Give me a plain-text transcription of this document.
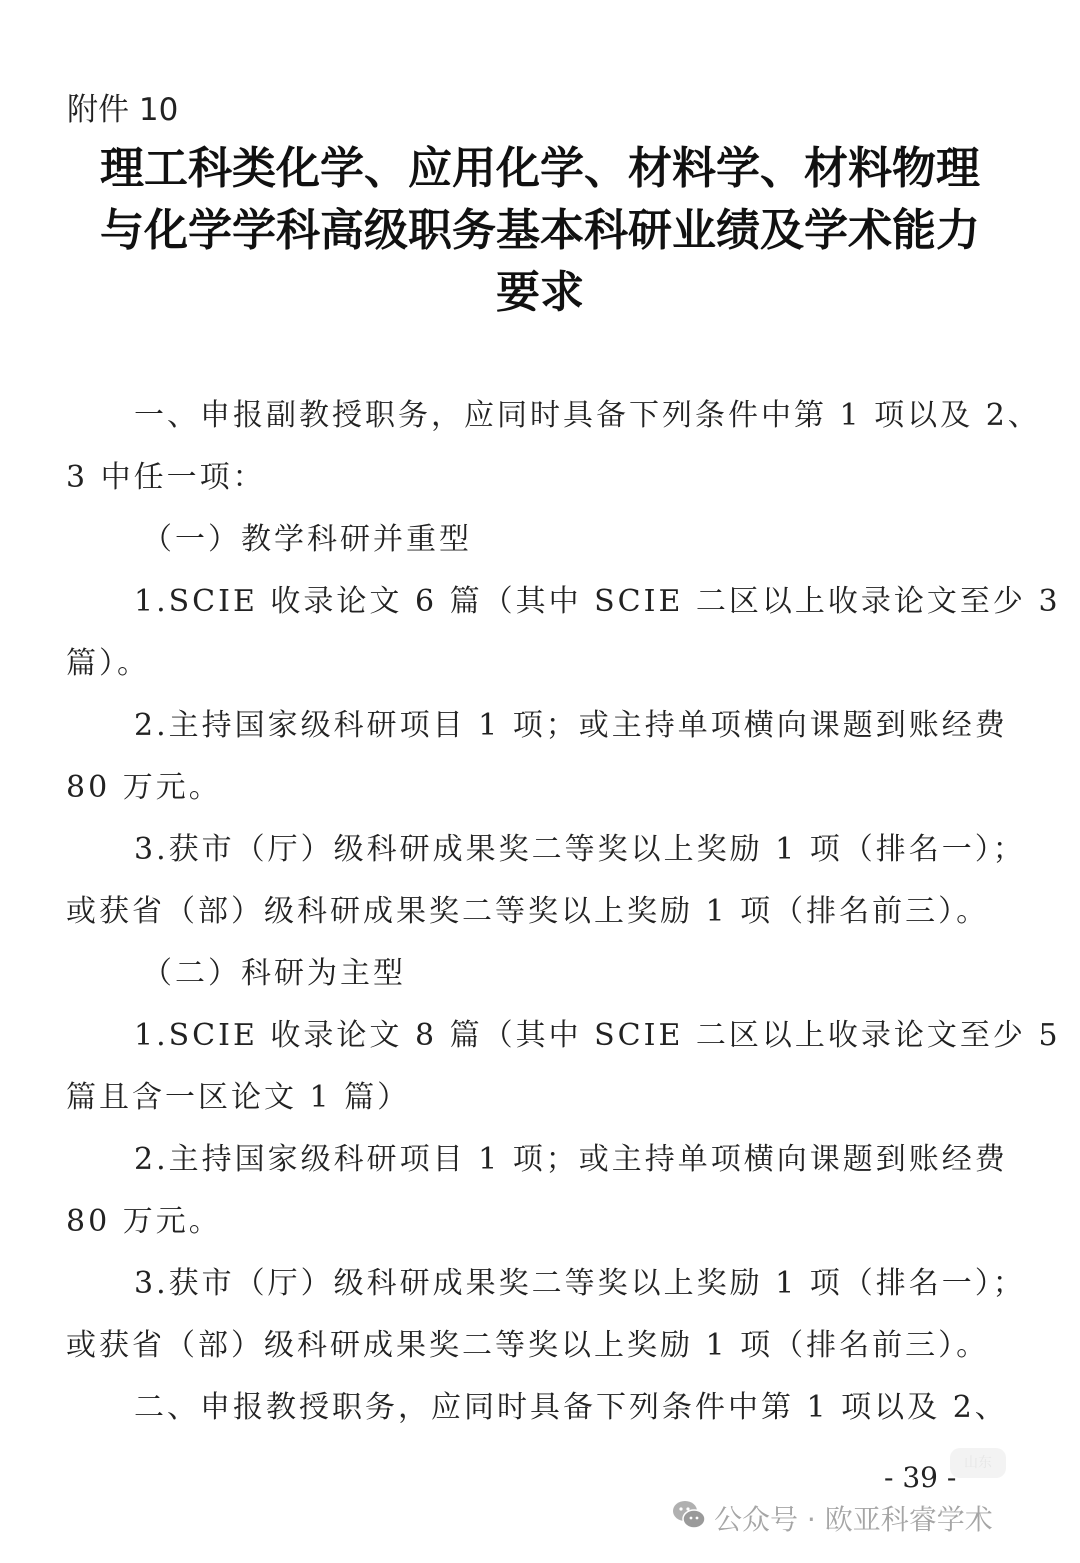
附件 10
理工科类化学、应用化学、材料学、材料物理
与化学学科高级职务基本科研业绩及学术能力
要求
一、申报副教授职务，应同时具备下列条件中第 1 项以及 2、
3 中任一项：
（一）教学科研并重型
1.SCIE 收录论文 6 篇（其中 SCIE 二区以上收录论文至少 3
篇）。
2.主持国家级科研项目 1 项；或主持单项横向课题到账经费
80 万元。
3.获市（厅）级科研成果奖二等奖以上奖励 1 项（排名一）；
或获省（部）级科研成果奖二等奖以上奖励 1 项（排名前三）。
（二）科研为主型
1.SCIE 收录论文 8 篇（其中 SCIE 二区以上收录论文至少 5
篇且含一区论文 1 篇）
2.主持国家级科研项目 1 项；或主持单项横向课题到账经费
80 万元。
3.获市（厅）级科研成果奖二等奖以上奖励 1 项（排名一）；
或获省（部）级科研成果奖二等奖以上奖励 1 项（排名前三）。
二、申报教授职务，应同时具备下列条件中第 1 项以及 2、
山东
- 39 -
公众号 · 欧亚科睿学术
